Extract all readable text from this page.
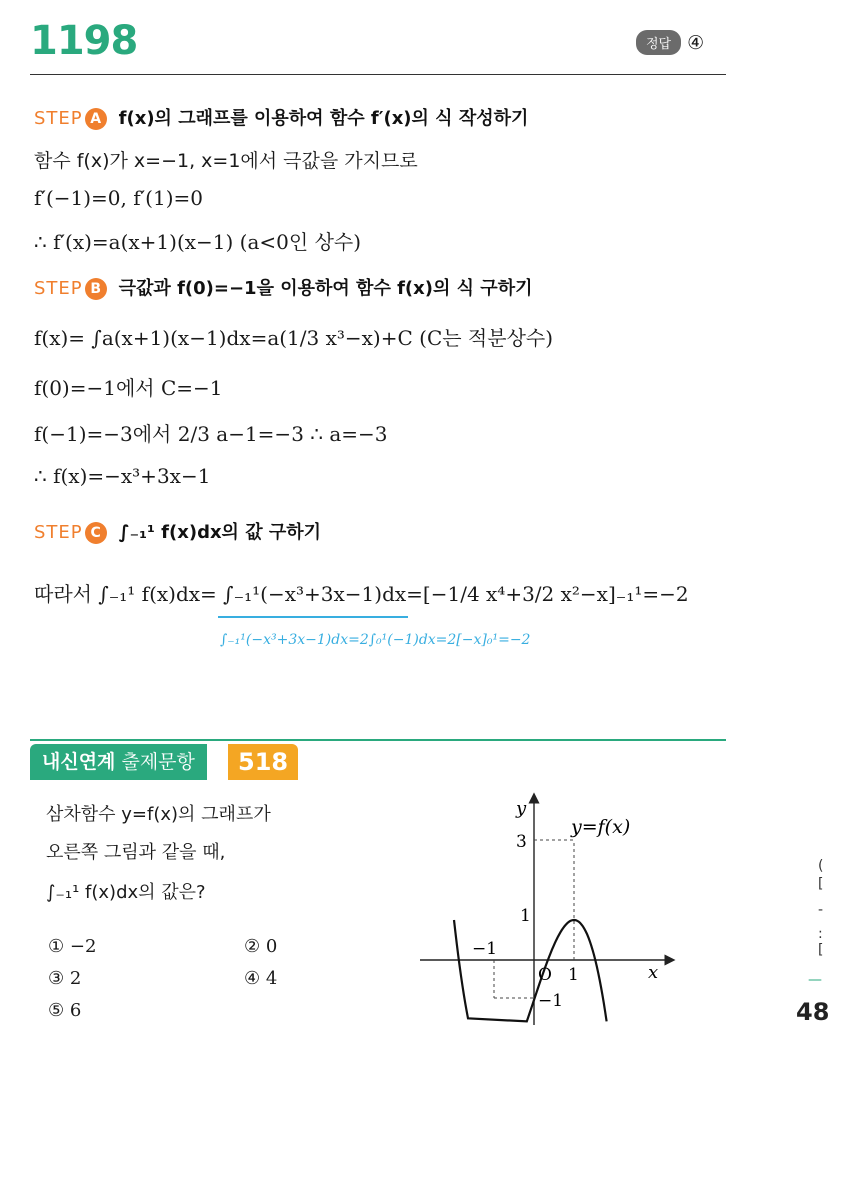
1198	정답 ④
STEP A f(x)의 그래프를 이용하여 함수 f′(x)의 식 작성하기
함수 f(x)가 x=−1, x=1에서 극값을 가지므로
f′(−1)=0, f′(1)=0
∴ f′(x)=a(x+1)(x−1) (a<0인 상수)
STEP B 극값과 f(0)=−1을 이용하여 함수 f(x)의 식 구하기
f(x)= ∫a(x+1)(x−1)dx=a(1/3 x³−x)+C (C는 적분상수)
f(0)=−1에서 C=−1
f(−1)=−3에서 2/3 a−1=−3 ∴ a=−3
∴ f(x)=−x³+3x−1
STEP C ∫₋₁¹ f(x)dx의 값 구하기
따라서 ∫₋₁¹ f(x)dx= ∫₋₁¹(−x³+3x−1)dx=[−1/4 x⁴+3/2 x²−x]₋₁¹=−2
∫₋₁¹(−x³+3x−1)dx=2∫₀¹(−1)dx=2[−x]₀¹=−2
내신연계 출제문항	518
삼차함수 y=f(x)의 그래프가
오른쪽 그림과 같을 때,
∫₋₁¹ f(x)dx의 값은?
① −2	② 0
③ 2	④ 4
⑤ 6
y=f(x)
y
x
O
−1
1
3
1
−1
(
[
-
:
[
—
48
